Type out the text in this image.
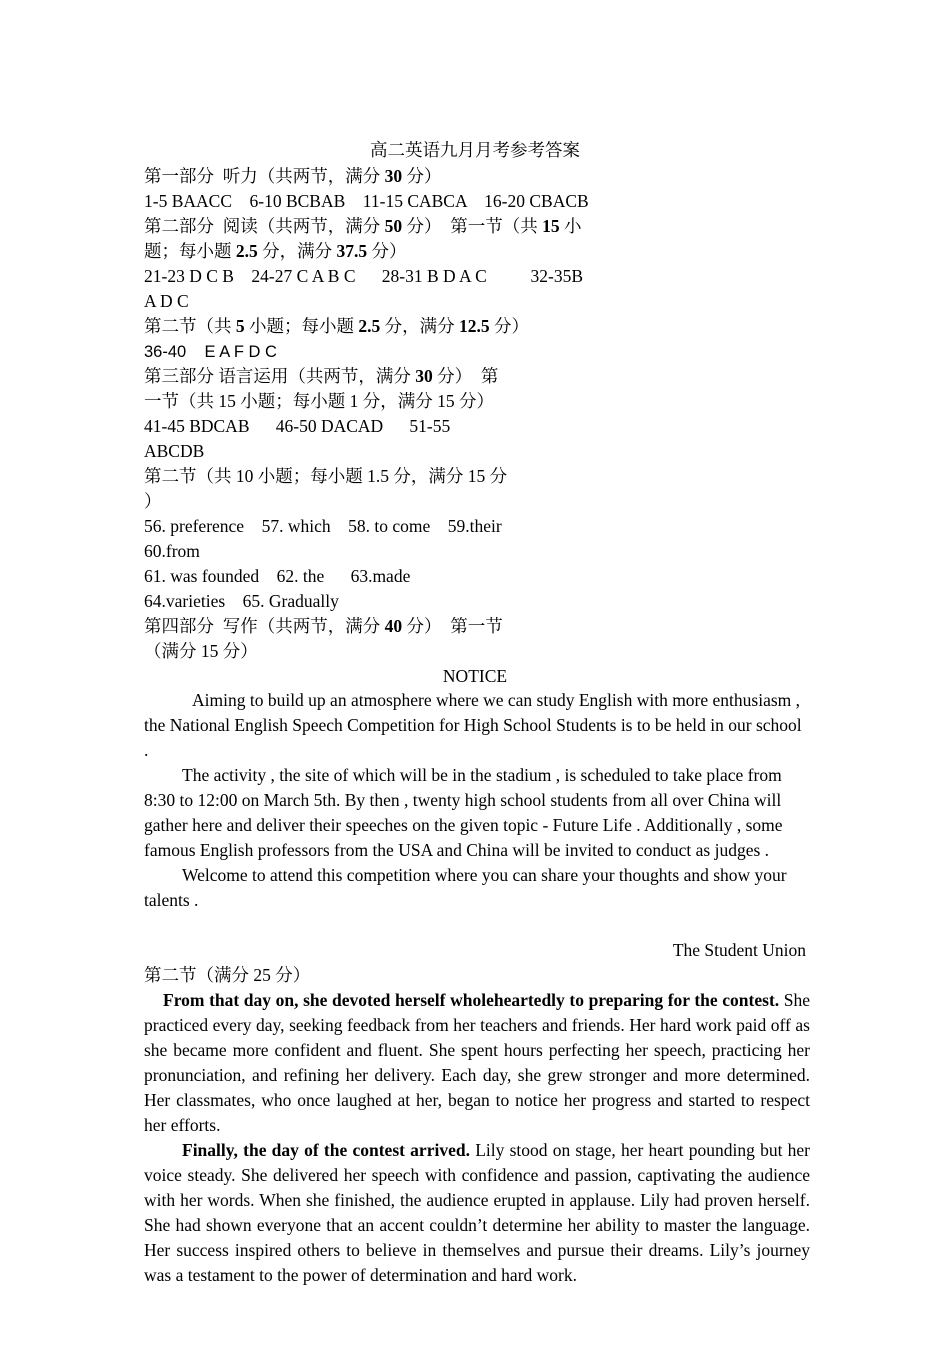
高二英语九月月考参考答案
第一部分  听力（共两节，满分 30 分）
1-5 BAACC    6-10 BCBAB    11-15 CABCA    16-20 CBACB
第二部分  阅读（共两节，满分 50 分）  第一节（共 15 小
题；每小题 2.5 分，满分 37.5 分）
21-23 D C B    24-27 C A B C      28-31 B D A C          32-35B
A D C
第二节（共 5 小题；每小题 2.5 分，满分 12.5 分）
36-40    E A F D C
第三部分 语言运用（共两节，满分 30 分）  第
一节（共 15 小题；每小题 1 分，满分 15 分）
41-45 BDCAB      46-50 DACAD      51-55
ABCDB
第二节（共 10 小题；每小题 1.5 分，满分 15 分
）
56. preference    57. which    58. to come    59.their
60.from
61. was founded    62. the      63.made
64.varieties    65. Gradually
第四部分  写作（共两节，满分 40 分）  第一节
（满分 15 分）
NOTICE

Aiming to build up an atmosphere where we can study English with more enthusiasm , the National English Speech Competition for High School Students is to be held in our school .

The activity , the site of which will be in the stadium , is scheduled to take place from 8:30 to 12:00 on March 5th. By then , twenty high school students from all over China will gather here and deliver their speeches on the given topic - Future Life . Additionally , some famous English professors from the USA and China will be invited to conduct as judges .

Welcome to attend this competition where you can share your thoughts and show your talents .

The Student Union
第二节（满分 25 分）

From that day on, she devoted herself wholeheartedly to preparing for the contest. She practiced every day, seeking feedback from her teachers and friends. Her hard work paid off as she became more confident and fluent. She spent hours perfecting her speech, practicing her pronunciation, and refining her delivery. Each day, she grew stronger and more determined. Her classmates, who once laughed at her, began to notice her progress and started to respect her efforts.

Finally, the day of the contest arrived. Lily stood on stage, her heart pounding but her voice steady. She delivered her speech with confidence and passion, captivating the audience with her words. When she finished, the audience erupted in applause. Lily had proven herself. She had shown everyone that an accent couldn’t determine her ability to master the language. Her success inspired others to believe in themselves and pursue their dreams. Lily’s journey was a testament to the power of determination and hard work.
